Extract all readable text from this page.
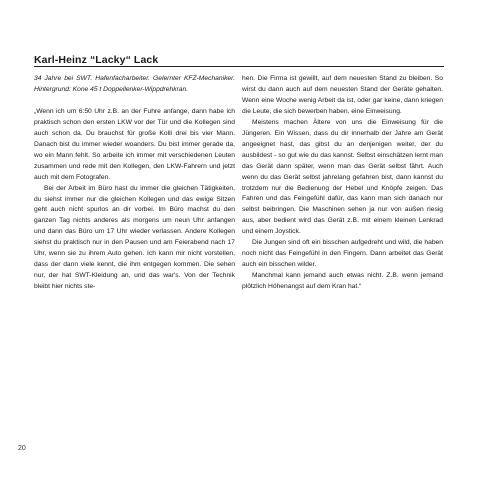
Karl-Heinz “Lacky“ Lack

34 Jahre bei SWT. Hafenfacharbeiter. Gelernter KFZ-Mechaniker. Hintergrund: Kone 45 t Doppellenker-Wippdrehkran.

„Wenn ich um 6:50 Uhr z.B. an der Fuhre anfange, dann habe ich praktisch schon den ersten LKW vor der Tür und die Kollegen sind auch schon da. Du brauchst für große Kolli drei bis vier Mann. Danach bist du immer wieder woanders. Du bist immer gerade da, wo ein Mann fehlt. So arbeite ich immer mit verschiedenen Leuten zusammen und rede mit den Kollegen, den LKW-Fahrern und jetzt auch mit dem Fotografen.

Bei der Arbeit im Büro hast du immer die gleichen Tätigkeiten, du siehst immer nur die gleichen Kollegen und das ewige Sitzen geht auch nicht spurlos an dir vorbei. Im Büro machst du den ganzen Tag nichts anderes als morgens um neun Uhr anfangen und dann das Büro um 17 Uhr wieder verlassen. Andere Kollegen siehst du praktisch nur in den Pausen und am Feierabend nach 17 Uhr, wenn sie zu ihrem Auto gehen. Ich kann mir nicht vorstellen, dass der dann viele kennt, die ihm entgegen kommen. Die sehen nur, der hat SWT-Kleidung an, und das war's. Von der Technik bleibt hier nichts ste-

hen. Die Firma ist gewillt, auf dem neuesten Stand zu bleiben. So wirst du dann auch auf dem neuesten Stand der Geräte gehalten. Wenn eine Woche wenig Arbeit da ist, oder gar keine, dann kriegen die Leute, die sich bewerben haben, eine Einweisung.

Meistens machen Ältere von uns die Einweisung für die Jüngeren. Ein Wissen, dass du dir innerhalb der Jahre am Gerät angeeignet hast, das gibst du an denjenigen weiter, der du ausbildest - so gut wie du das kannst. Selbst einschätzen lernt man das Gerät dann später, wenn man das Gerät selbst fährt. Auch wenn du das Gerät selbst jahrelang gefahren bist, dann kannst du trotzdem nur die Bedienung der Hebel und Knöpfe zeigen. Das Fahren und das Feingefühl dafür, das kann man sich danach nur selbst beibringen. Die Maschinen sehen ja nur von außen riesig aus, aber bedient wird das Gerät z.B. mit einem kleinen Lenkrad und einem Joystick.

Die Jungen sind oft ein bisschen aufgedreht und wild, die haben noch nicht das Feingefühl in den Fingern. Dann arbeitet das Gerät auch ein bisschen wilder.

Manchmal kann jemand auch etwas nicht. Z.B. wenn jemand plötzlich Höhenangst auf dem Kran hat.“

20
